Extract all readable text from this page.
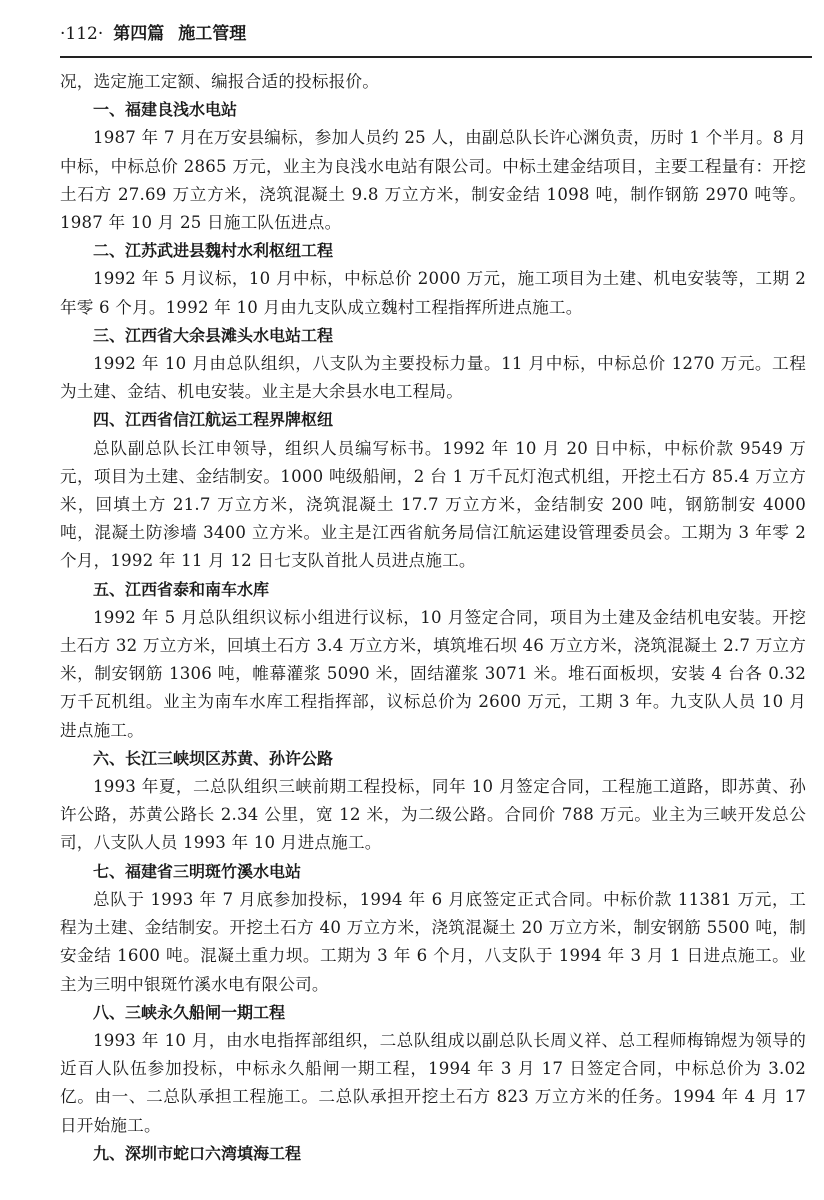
·112· 第四篇 施工管理

况，选定施工定额、编报合适的投标报价。

一、福建良浅水电站

1987 年 7 月在万安县编标，参加人员约 25 人，由副总队长许心渊负责，历时 1 个半月。8 月中标，中标总价 2865 万元，业主为良浅水电站有限公司。中标土建金结项目，主要工程量有：开挖土石方 27.69 万立方米，浇筑混凝土 9.8 万立方米，制安金结 1098 吨，制作钢筋 2970 吨等。1987 年 10 月 25 日施工队伍进点。

二、江苏武进县魏村水利枢纽工程

1992 年 5 月议标，10 月中标，中标总价 2000 万元，施工项目为土建、机电安装等，工期 2 年零 6 个月。1992 年 10 月由九支队成立魏村工程指挥所进点施工。

三、江西省大余县滩头水电站工程

1992 年 10 月由总队组织，八支队为主要投标力量。11 月中标，中标总价 1270 万元。工程为土建、金结、机电安装。业主是大余县水电工程局。

四、江西省信江航运工程界牌枢纽

总队副总队长江申领导，组织人员编写标书。1992 年 10 月 20 日中标，中标价款 9549 万元，项目为土建、金结制安。1000 吨级船闸，2 台 1 万千瓦灯泡式机组，开挖土石方 85.4 万立方米，回填土方 21.7 万立方米，浇筑混凝土 17.7 万立方米，金结制安 200 吨，钢筋制安 4000 吨，混凝土防渗墙 3400 立方米。业主是江西省航务局信江航运建设管理委员会。工期为 3 年零 2 个月，1992 年 11 月 12 日七支队首批人员进点施工。

五、江西省泰和南车水库

1992 年 5 月总队组织议标小组进行议标，10 月签定合同，项目为土建及金结机电安装。开挖土石方 32 万立方米，回填土石方 3.4 万立方米，填筑堆石坝 46 万立方米，浇筑混凝土 2.7 万立方米，制安钢筋 1306 吨，帷幕灌浆 5090 米，固结灌浆 3071 米。堆石面板坝，安装 4 台各 0.32 万千瓦机组。业主为南车水库工程指挥部，议标总价为 2600 万元，工期 3 年。九支队人员 10 月进点施工。

六、长江三峡坝区苏黄、孙许公路

1993 年夏，二总队组织三峡前期工程投标，同年 10 月签定合同，工程施工道路，即苏黄、孙许公路，苏黄公路长 2.34 公里，宽 12 米，为二级公路。合同价 788 万元。业主为三峡开发总公司，八支队人员 1993 年 10 月进点施工。

七、福建省三明斑竹溪水电站

总队于 1993 年 7 月底参加投标，1994 年 6 月底签定正式合同。中标价款 11381 万元，工程为土建、金结制安。开挖土石方 40 万立方米，浇筑混凝土 20 万立方米，制安钢筋 5500 吨，制安金结 1600 吨。混凝土重力坝。工期为 3 年 6 个月，八支队于 1994 年 3 月 1 日进点施工。业主为三明中银斑竹溪水电有限公司。

八、三峡永久船闸一期工程

1993 年 10 月，由水电指挥部组织，二总队组成以副总队长周义祥、总工程师梅锦煜为领导的近百人队伍参加投标，中标永久船闸一期工程，1994 年 3 月 17 日签定合同，中标总价为 3.02 亿。由一、二总队承担工程施工。二总队承担开挖土石方 823 万立方米的任务。1994 年 4 月 17 日开始施工。

九、深圳市蛇口六湾填海工程
